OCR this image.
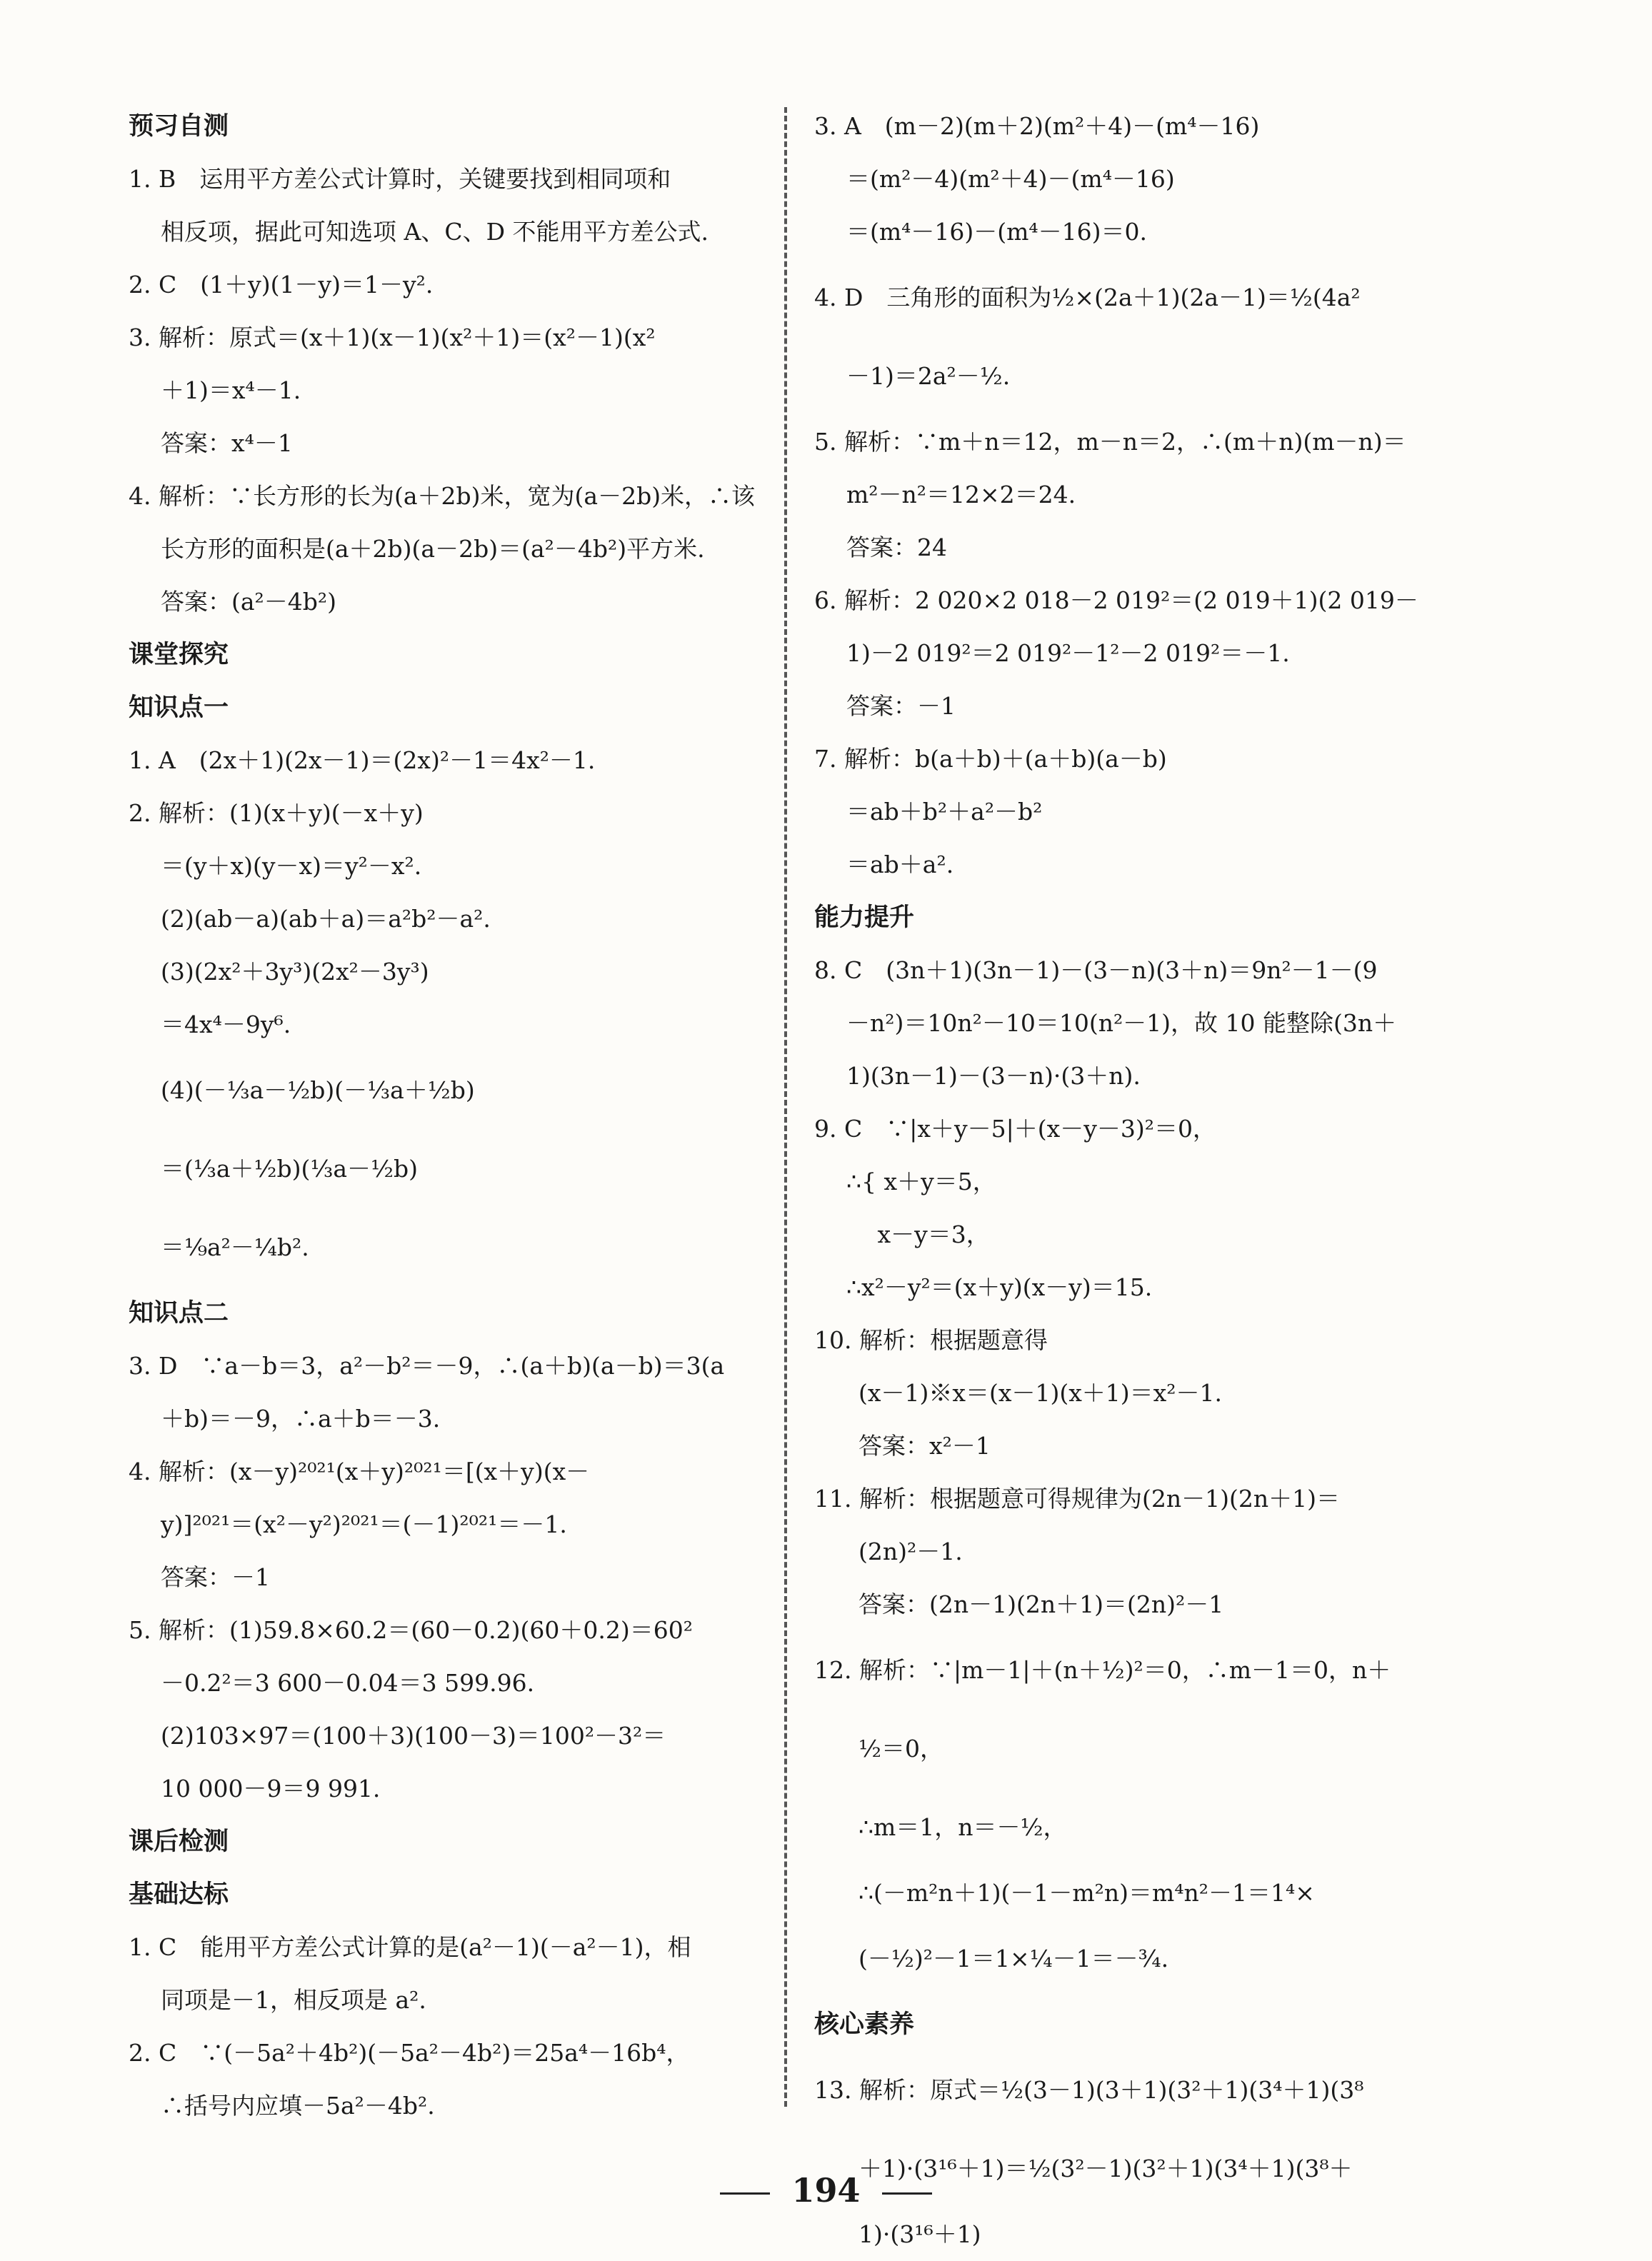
预习自测
1. B　运用平方差公式计算时，关键要找到相同项和
相反项，据此可知选项 A、C、D 不能用平方差公式.
2. C　(1＋y)(1－y)＝1－y².
3. 解析：原式＝(x＋1)(x－1)(x²＋1)＝(x²－1)(x²
＋1)＝x⁴－1.
答案：x⁴－1
4. 解析：∵长方形的长为(a＋2b)米，宽为(a－2b)米，∴该
长方形的面积是(a＋2b)(a－2b)＝(a²－4b²)平方米.
答案：(a²－4b²)
课堂探究
知识点一
1. A　(2x＋1)(2x－1)＝(2x)²－1＝4x²－1.
2. 解析：(1)(x＋y)(－x＋y)
＝(y＋x)(y－x)＝y²－x².
(2)(ab－a)(ab＋a)＝a²b²－a².
(3)(2x²＋3y³)(2x²－3y³)
＝4x⁴－9y⁶.
(4)(－⅓a－½b)(－⅓a＋½b)
＝(⅓a＋½b)(⅓a－½b)
＝⅑a²－¼b².
知识点二
3. D　∵a－b＝3，a²－b²＝－9，∴(a＋b)(a－b)＝3(a
＋b)＝－9，∴a＋b＝－3.
4. 解析：(x－y)²⁰²¹(x＋y)²⁰²¹＝[(x＋y)(x－
y)]²⁰²¹＝(x²－y²)²⁰²¹＝(－1)²⁰²¹＝－1.
答案：－1
5. 解析：(1)59.8×60.2＝(60－0.2)(60＋0.2)＝60²
－0.2²＝3 600－0.04＝3 599.96.
(2)103×97＝(100＋3)(100－3)＝100²－3²＝
10 000－9＝9 991.
课后检测
基础达标
1. C　能用平方差公式计算的是(a²－1)(－a²－1)，相
同项是－1，相反项是 a².
2. C　∵(－5a²＋4b²)(－5a²－4b²)＝25a⁴－16b⁴，
∴括号内应填－5a²－4b².
3. A　(m－2)(m＋2)(m²＋4)－(m⁴－16)
＝(m²－4)(m²＋4)－(m⁴－16)
＝(m⁴－16)－(m⁴－16)＝0.
4. D　三角形的面积为½×(2a＋1)(2a－1)＝½(4a²
－1)＝2a²－½.
5. 解析：∵m＋n＝12，m－n＝2，∴(m＋n)(m－n)＝
m²－n²＝12×2＝24.
答案：24
6. 解析：2 020×2 018－2 019²＝(2 019＋1)(2 019－
1)－2 019²＝2 019²－1²－2 019²＝－1.
答案：－1
7. 解析：b(a＋b)＋(a＋b)(a－b)
＝ab＋b²＋a²－b²
＝ab＋a².
能力提升
8. C　(3n＋1)(3n－1)－(3－n)(3＋n)＝9n²－1－(9
－n²)＝10n²－10＝10(n²－1)，故 10 能整除(3n＋
1)(3n－1)－(3－n)·(3＋n).
9. C　∵|x＋y－5|＋(x－y－3)²＝0，
∴{ x＋y＝5，
　 x－y＝3，
∴x²－y²＝(x＋y)(x－y)＝15.
10. 解析：根据题意得
(x－1)※x＝(x－1)(x＋1)＝x²－1.
答案：x²－1
11. 解析：根据题意可得规律为(2n－1)(2n＋1)＝
(2n)²－1.
答案：(2n－1)(2n＋1)＝(2n)²－1
12. 解析：∵|m－1|＋(n＋½)²＝0，∴m－1＝0，n＋
½＝0，
∴m＝1，n＝－½，
∴(－m²n＋1)(－1－m²n)＝m⁴n²－1＝1⁴×
(－½)²－1＝1×¼－1＝－¾.
核心素养
13. 解析：原式＝½(3－1)(3＋1)(3²＋1)(3⁴＋1)(3⁸
＋1)·(3¹⁶＋1)＝½(3²－1)(3²＋1)(3⁴＋1)(3⁸＋
1)·(3¹⁶＋1)
194
